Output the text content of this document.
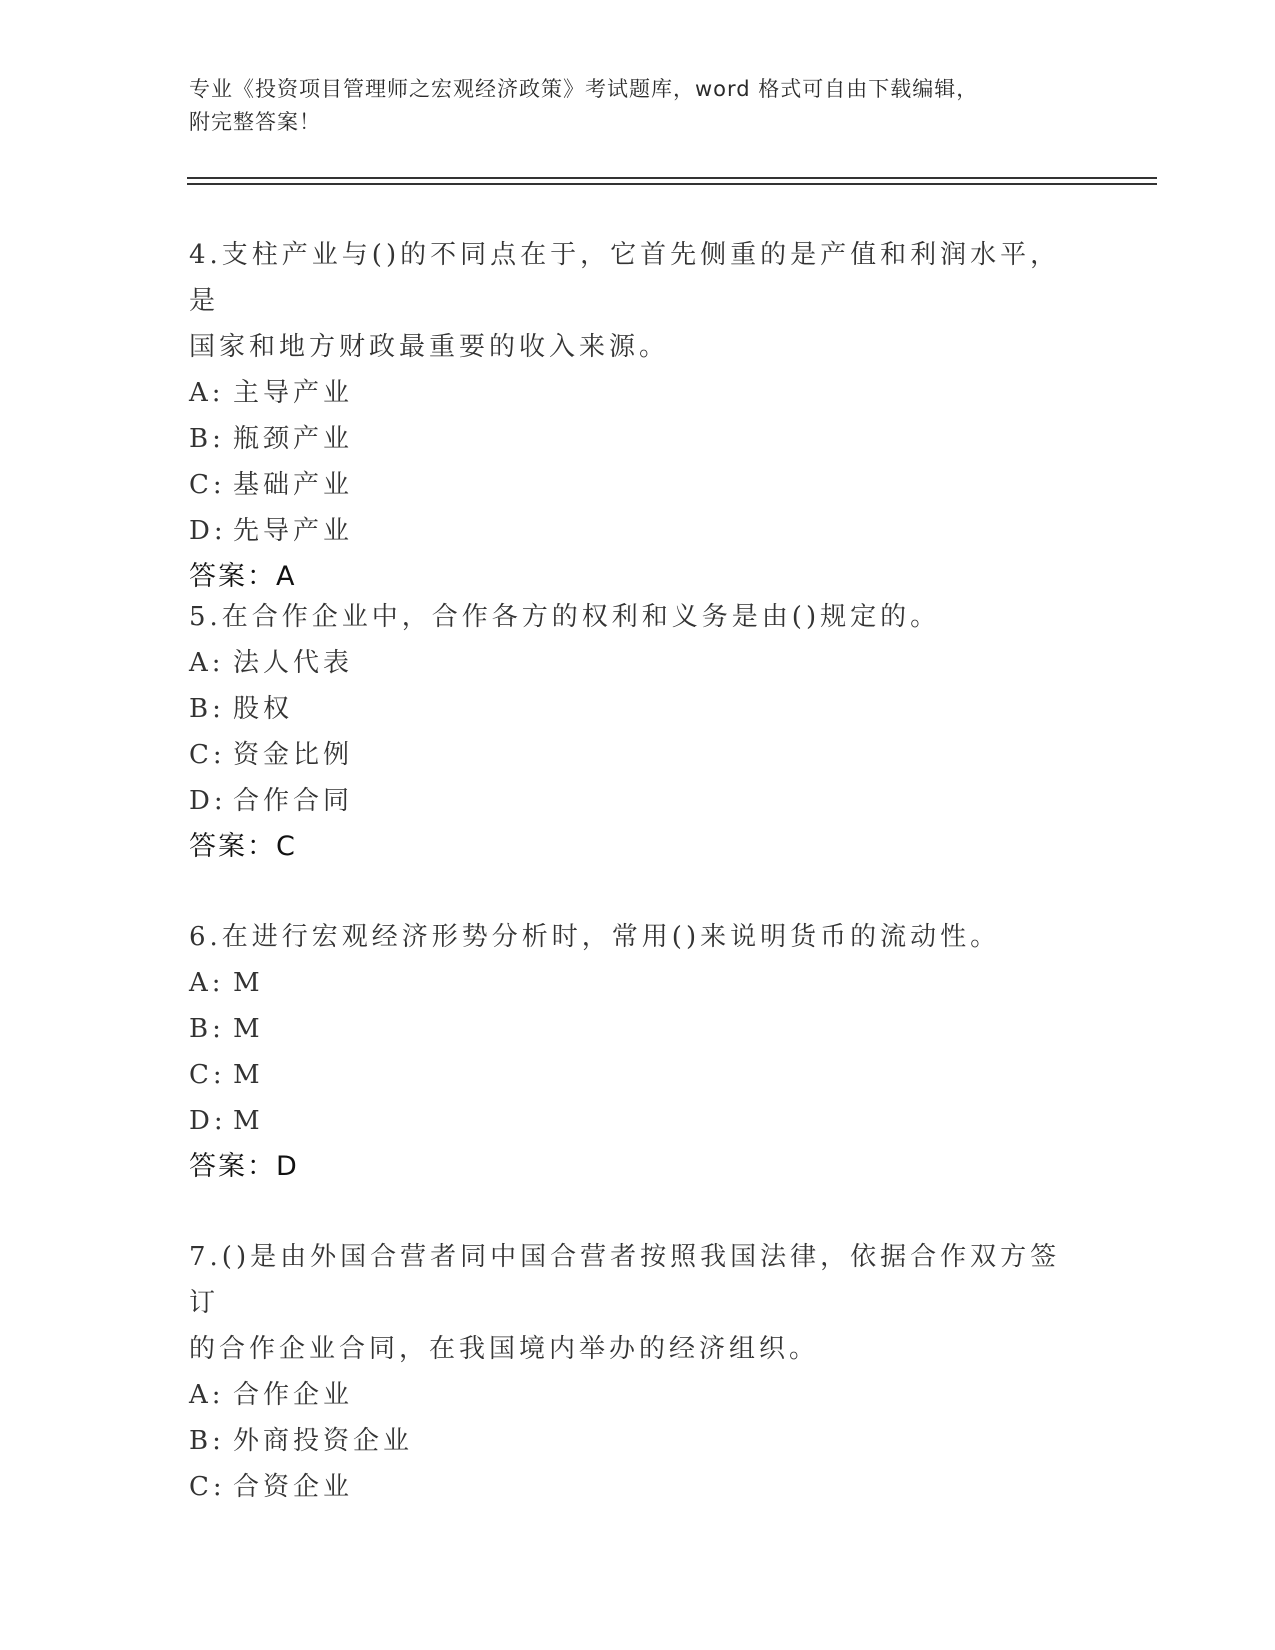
专业《投资项目管理师之宏观经济政策》考试题库，word 格式可自由下载编辑，
附完整答案！

4.支柱产业与()的不同点在于，它首先侧重的是产值和利润水平，是

国家和地方财政最重要的收入来源。

A: 主导产业

B: 瓶颈产业

C: 基础产业

D: 先导产业

答案：A

5.在合作企业中，合作各方的权利和义务是由()规定的。

A: 法人代表

B: 股权

C: 资金比例

D: 合作合同

答案：C

6.在进行宏观经济形势分析时，常用()来说明货币的流动性。

A: M

B: M

C: M

D: M

答案：D

7.()是由外国合营者同中国合营者按照我国法律，依据合作双方签订

的合作企业合同，在我国境内举办的经济组织。

A: 合作企业

B: 外商投资企业

C: 合资企业
